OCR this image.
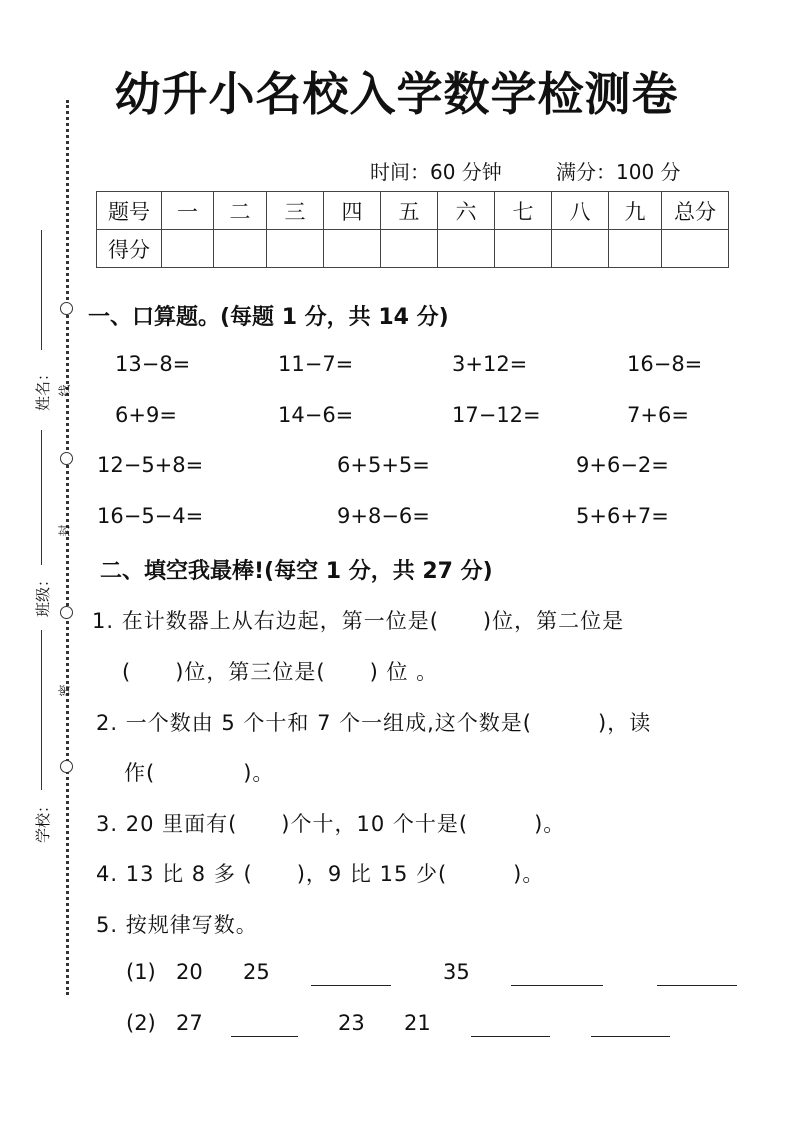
姓名：
班级：
学校：
线
封
密
幼升小名校入学数学检测卷
时间：60 分钟	满分：100 分
题号	一	二	三	四	五	六	七	八	九	总分
得分										
一、口算题。(每题 1 分，共 14 分)
13−8=	11−7=	3+12=	16−8=
6+9=	14−6=	17−12=	7+6=
12−5+8=	6+5+5=	9+6−2=
16−5−4=	9+8−6=	5+6+7=
二、填空我最棒!(每空 1 分，共 27 分)
1. 在计数器上从右边起，第一位是(　　)位，第二位是
(　　)位，第三位是(　　) 位 。
2. 一个数由 5 个十和 7 个一组成,这个数是(　　　)，读
作(　　　　)。
3. 20 里面有(　　)个十，10 个十是(　　　)。
4. 13 比 8 多 (　　)，9 比 15 少(　　　)。
5. 按规律写数。
(1) 20 25	35
(2) 27	23 21
